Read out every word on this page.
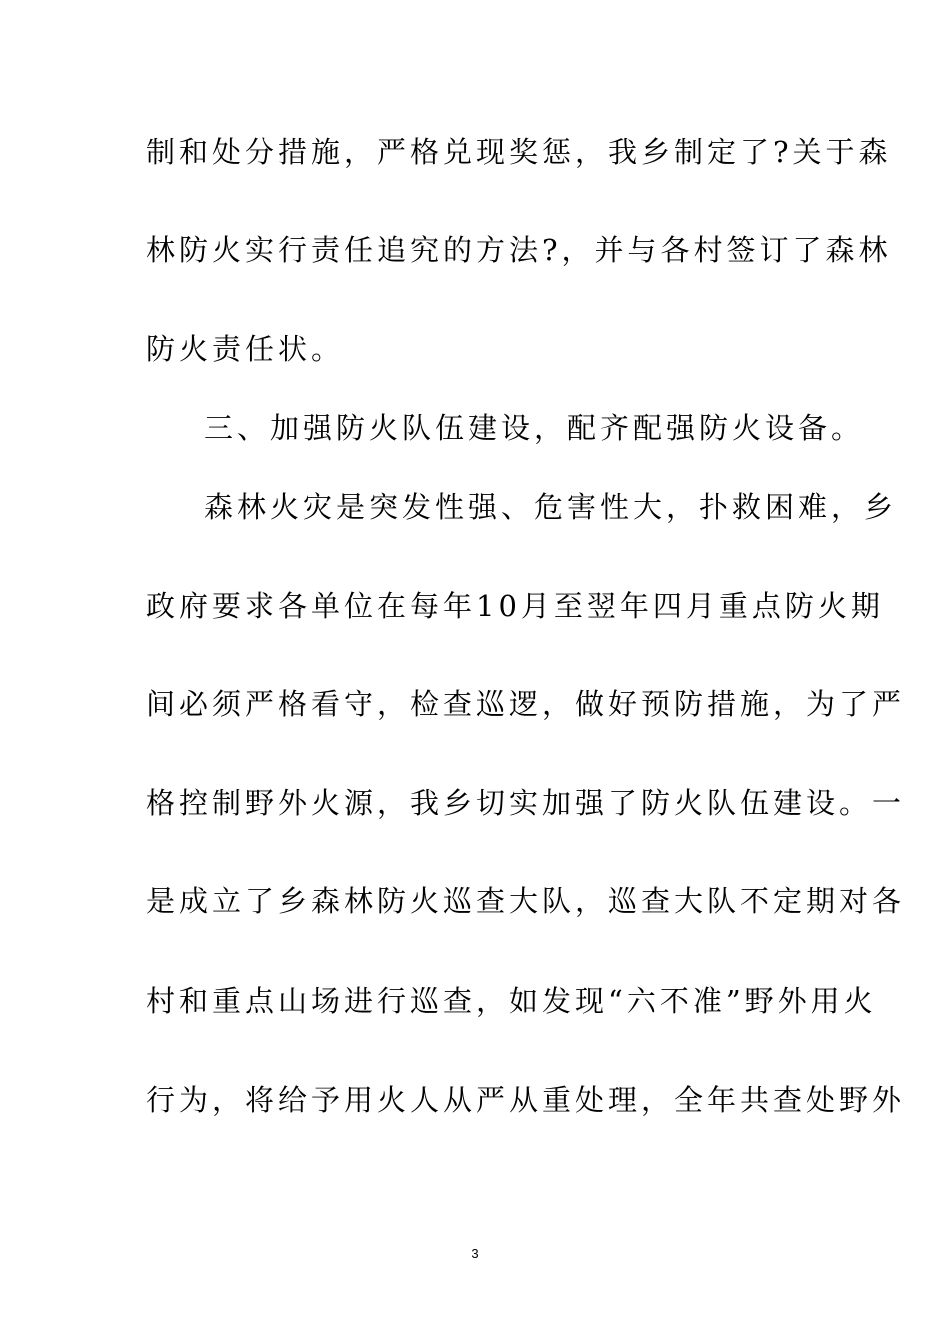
制和处分措施，严格兑现奖惩，我乡制定了?关于森
林防火实行责任追究的方法?，并与各村签订了森林
防火责任状。
三、加强防火队伍建设，配齐配强防火设备。
森林火灾是突发性强、危害性大，扑救困难，乡
政府要求各单位在每年10月至翌年四月重点防火期
间必须严格看守，检查巡逻，做好预防措施，为了严
格控制野外火源，我乡切实加强了防火队伍建设。一
是成立了乡森林防火巡查大队，巡查大队不定期对各
村和重点山场进行巡查，如发现“六不准”野外用火
行为，将给予用火人从严从重处理，全年共查处野外
3
